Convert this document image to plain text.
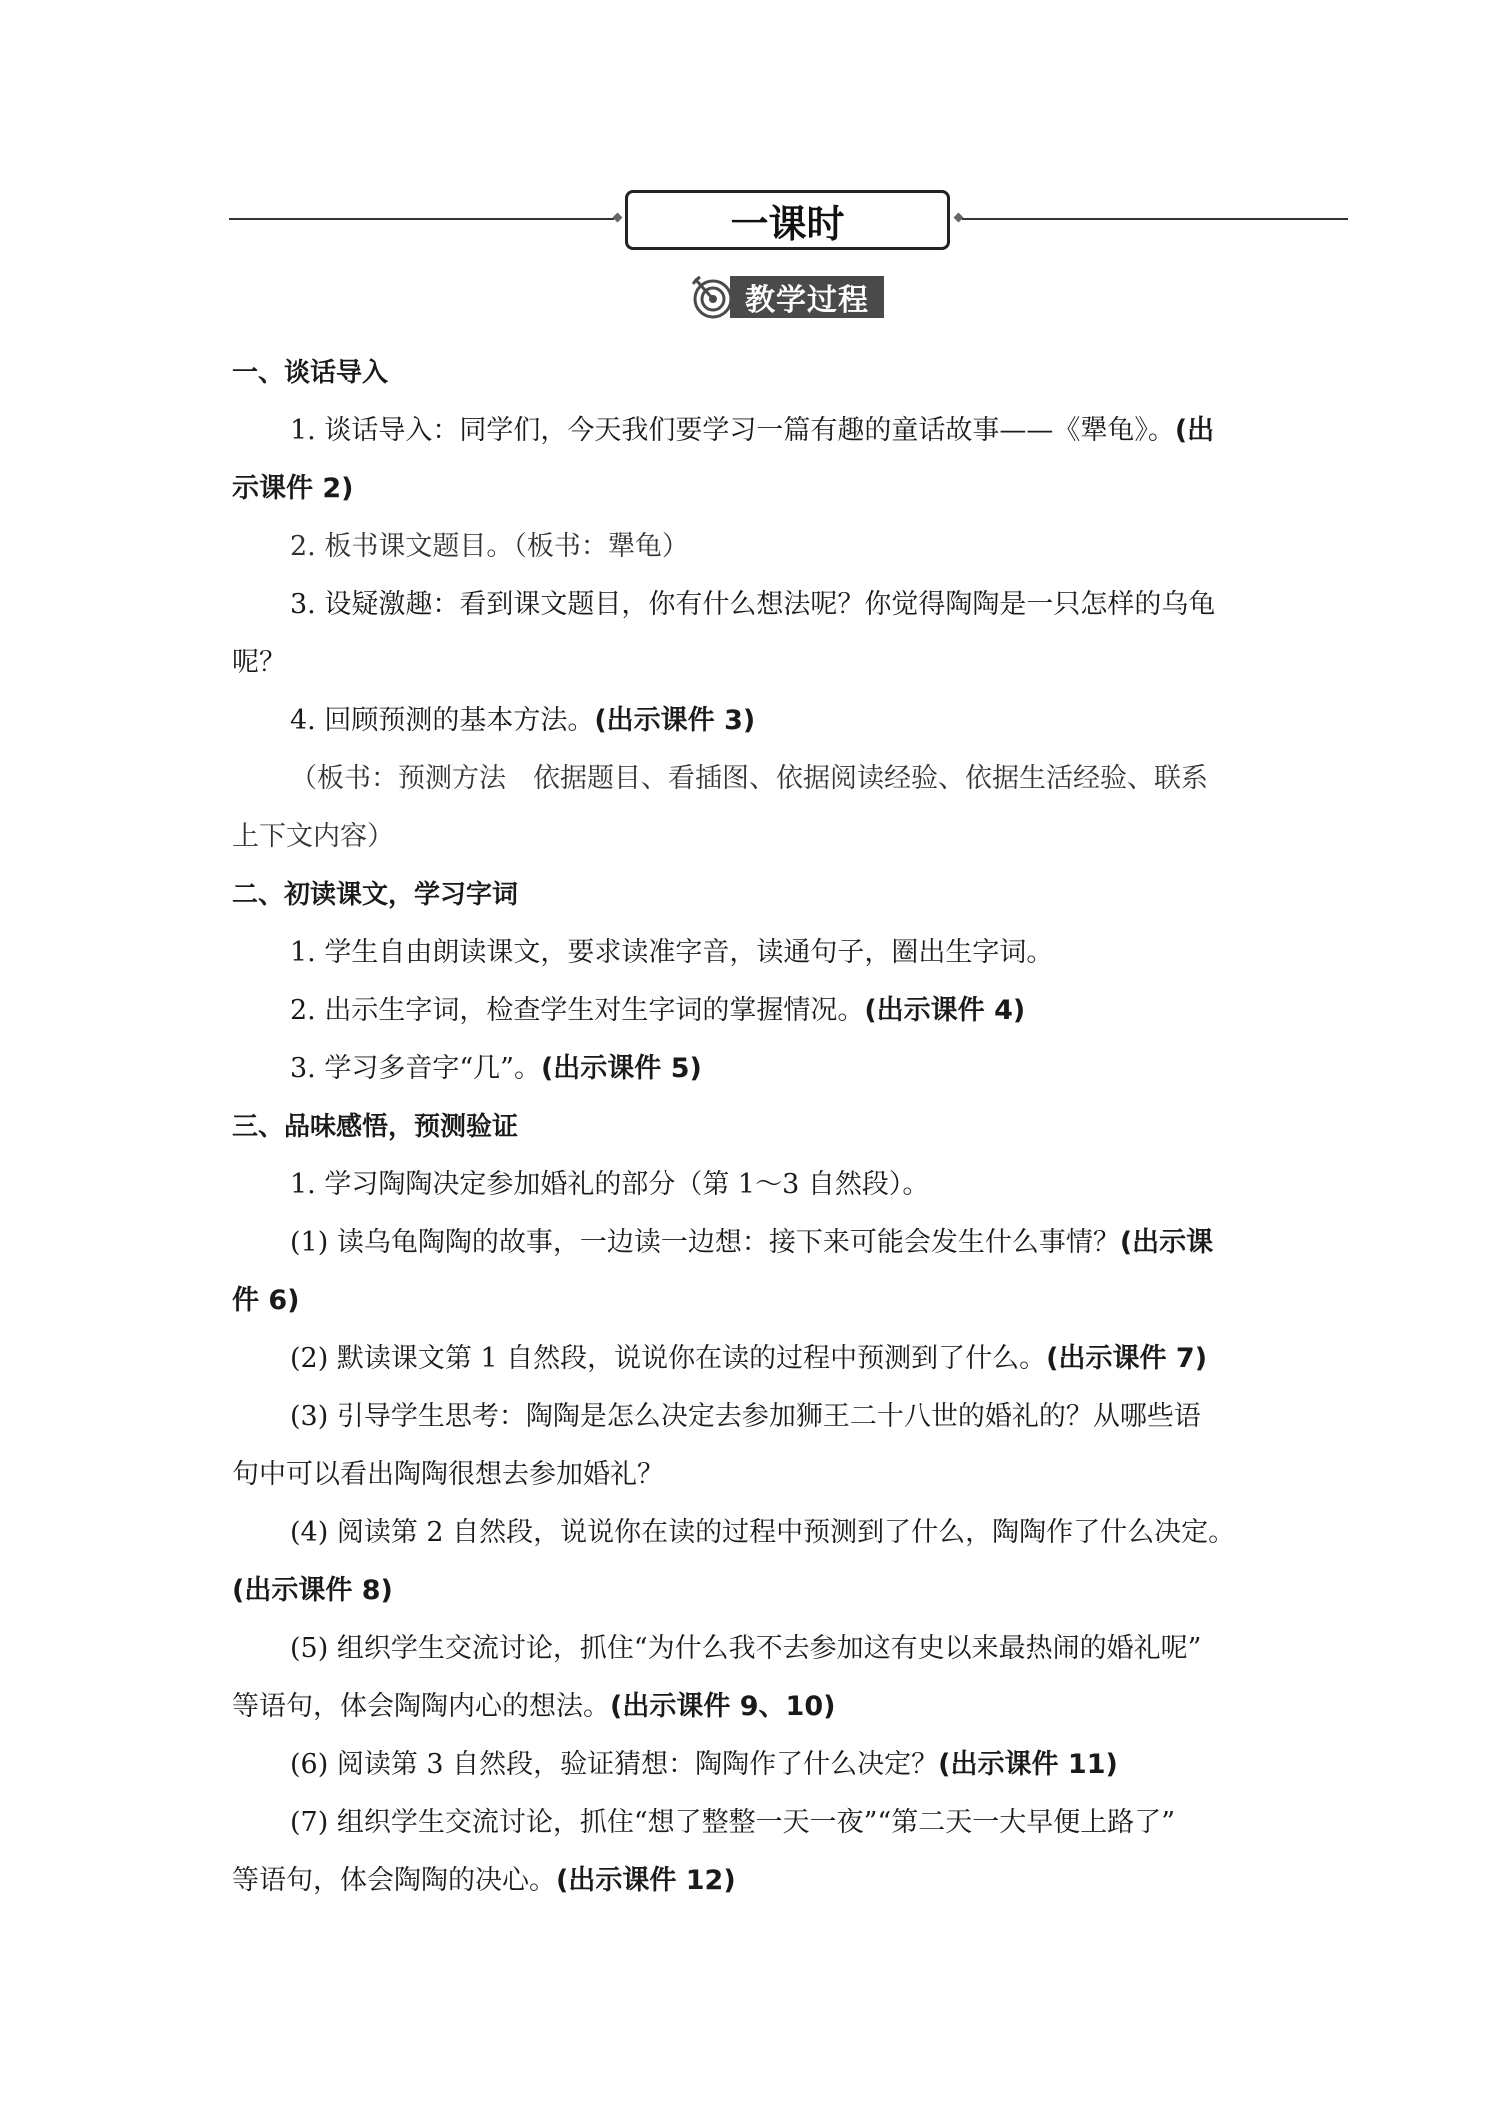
一课时
教学过程
一、谈话导入
1. 谈话导入：同学们，今天我们要学习一篇有趣的童话故事——《犟龟》。(出
示课件 2)
2. 板书课文题目。（板书：犟龟）
3. 设疑激趣：看到课文题目，你有什么想法呢？你觉得陶陶是一只怎样的乌龟
呢？
4. 回顾预测的基本方法。(出示课件 3)
（板书：预测方法　依据题目、看插图、依据阅读经验、依据生活经验、联系
上下文内容）
二、初读课文，学习字词
1. 学生自由朗读课文，要求读准字音，读通句子，圈出生字词。
2. 出示生字词，检查学生对生字词的掌握情况。(出示课件 4)
3. 学习多音字“几”。(出示课件 5)
三、品味感悟，预测验证
1. 学习陶陶决定参加婚礼的部分（第 1～3 自然段）。
(1) 读乌龟陶陶的故事，一边读一边想：接下来可能会发生什么事情？(出示课
件 6)
(2) 默读课文第 1 自然段，说说你在读的过程中预测到了什么。(出示课件 7)
(3) 引导学生思考：陶陶是怎么决定去参加狮王二十八世的婚礼的？从哪些语
句中可以看出陶陶很想去参加婚礼？
(4) 阅读第 2 自然段，说说你在读的过程中预测到了什么，陶陶作了什么决定。
(出示课件 8)
(5) 组织学生交流讨论，抓住“为什么我不去参加这有史以来最热闹的婚礼呢”
等语句，体会陶陶内心的想法。(出示课件 9、10)
(6) 阅读第 3 自然段，验证猜想：陶陶作了什么决定？(出示课件 11)
(7) 组织学生交流讨论，抓住“想了整整一天一夜”“第二天一大早便上路了”
等语句，体会陶陶的决心。(出示课件 12)
